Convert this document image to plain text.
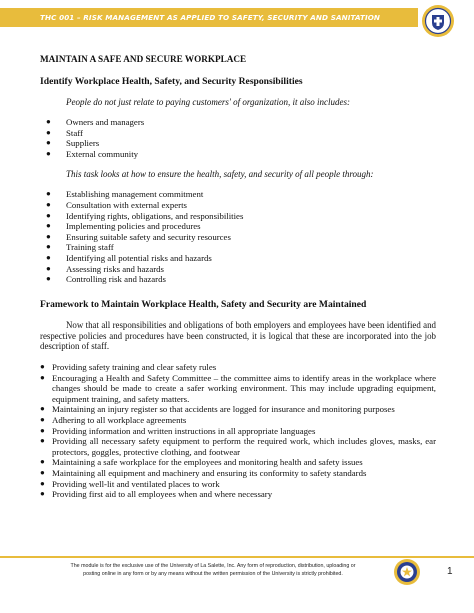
THC 001 – RISK MANAGEMENT AS APPLIED TO SAFETY, SECURITY AND SANITATION

MAINTAIN A SAFE AND SECURE WORKPLACE

Identify Workplace Health, Safety, and Security Responsibilities

People do not just relate to paying customers' of organization, it also includes:

● Owners and managers
● Staff
● Suppliers
● External community

This task looks at how to ensure the health, safety, and security of all people through:

● Establishing management commitment
● Consultation with external experts
● Identifying rights, obligations, and responsibilities
● Implementing policies and procedures
● Ensuring suitable safety and security resources
● Training staff
● Identifying all potential risks and hazards
● Assessing risks and hazards
● Controlling risk and hazards

Framework to Maintain Workplace Health, Safety and Security are Maintained

Now that all responsibilities and obligations of both employers and employees have been identified and respective policies and procedures have been constructed, it is logical that these are incorporated into the job description of staff.

● Providing safety training and clear safety rules
● Encouraging a Health and Safety Committee – the committee aims to identify areas in the workplace where changes should be made to create a safer working environment. This may include upgrading equipment, equipment training, and safety matters.
● Maintaining an injury register so that accidents are logged for insurance and monitoring purposes
● Adhering to all workplace agreements
● Providing information and written instructions in all appropriate languages
● Providing all necessary safety equipment to perform the required work, which includes gloves, masks, ear protectors, goggles, protective clothing, and footwear
● Maintaining a safe workplace for the employees and monitoring health and safety issues
● Maintaining all equipment and machinery and ensuring its conformity to safety standards
● Providing well-lit and ventilated places to work
● Providing first aid to all employees when and where necessary
The module is for the exclusive use of the University of La Salette, Inc. Any form of reproduction, distribution, uploading or
posting online in any form or by any means without the written permission of the University is strictly prohibited.	1
